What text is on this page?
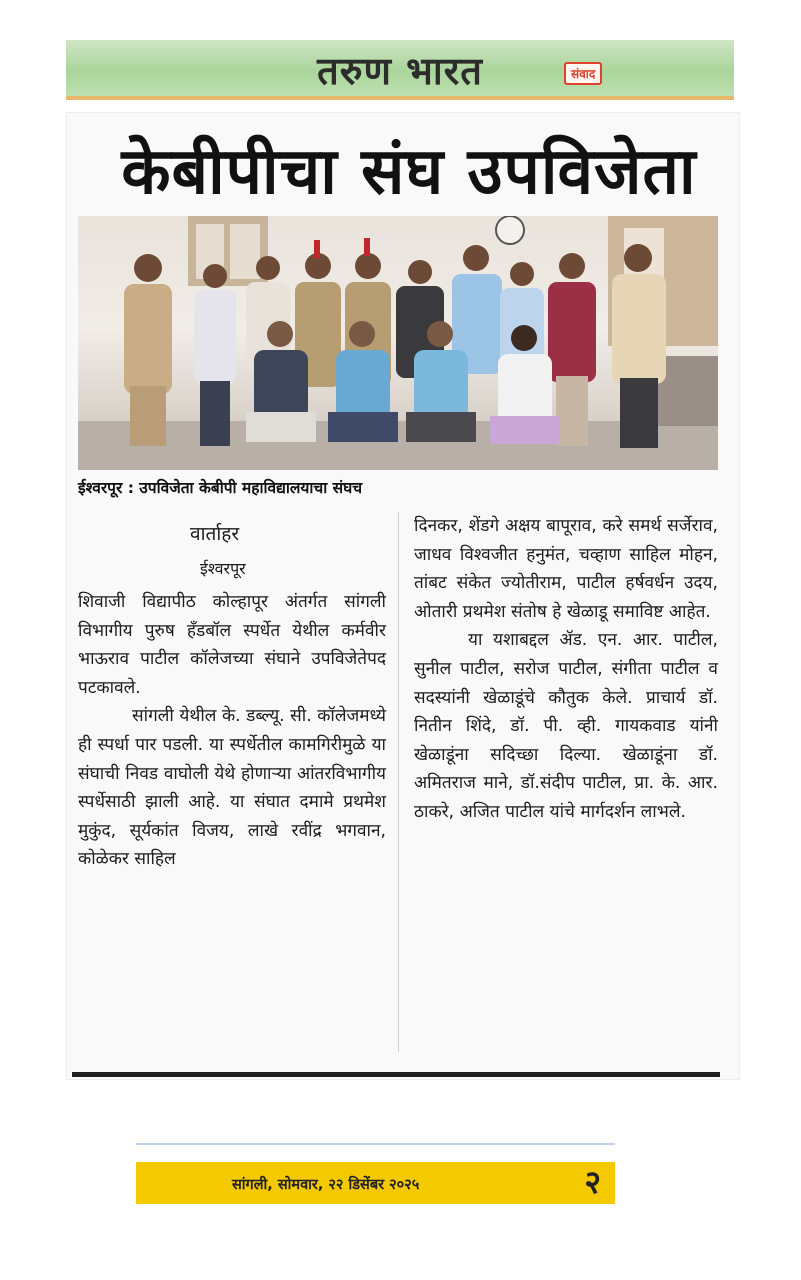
तरुण भारत	संवाद
केबीपीचा संघ उपविजेता
ईश्वरपूर : उपविजेता केबीपी महाविद्यालयाचा संघच
वार्ताहर
ईश्वरपूर

शिवाजी विद्यापीठ कोल्हापूर अंतर्गत सांगली विभागीय पुरुष हँडबॉल स्पर्धेत येथील कर्मवीर भाऊराव पाटील कॉलेजच्या संघाने उपविजेतेपद पटकावले.

सांगली येथील के. डब्ल्यू. सी. कॉलेजमध्ये ही स्पर्धा पार पडली. या स्पर्धेतील कामगिरीमुळे या संघाची निवड वाघोली येथे होणाऱ्या आंतरविभागीय स्पर्धेसाठी झाली आहे. या संघात दमामे प्रथमेश मुकुंद, सूर्यकांत विजय, लाखे रवींद्र भगवान, कोळेकर साहिल

दिनकर, शेंडगे अक्षय बापूराव, करे समर्थ सर्जेराव, जाधव विश्वजीत हनुमंत, चव्हाण साहिल मोहन, तांबट संकेत ज्योतीराम, पाटील हर्षवर्धन उदय, ओतारी प्रथमेश संतोष हे खेळाडू समाविष्ट आहेत.

या यशाबद्दल ॲड. एन. आर. पाटील, सुनील पाटील, सरोज पाटील, संगीता पाटील व सदस्यांनी खेळाडूंचे कौतुक केले. प्राचार्य डॉ. नितीन शिंदे, डॉ. पी. व्ही. गायकवाड यांनी खेळाडूंना सदिच्छा दिल्या. खेळाडूंना डॉ. अमितराज माने, डॉ.संदीप पाटील, प्रा. के. आर. ठाकरे, अजित पाटील यांचे मार्गदर्शन लाभले.

सांगली, सोमवार, २२ डिसेंबर २०२५	२
